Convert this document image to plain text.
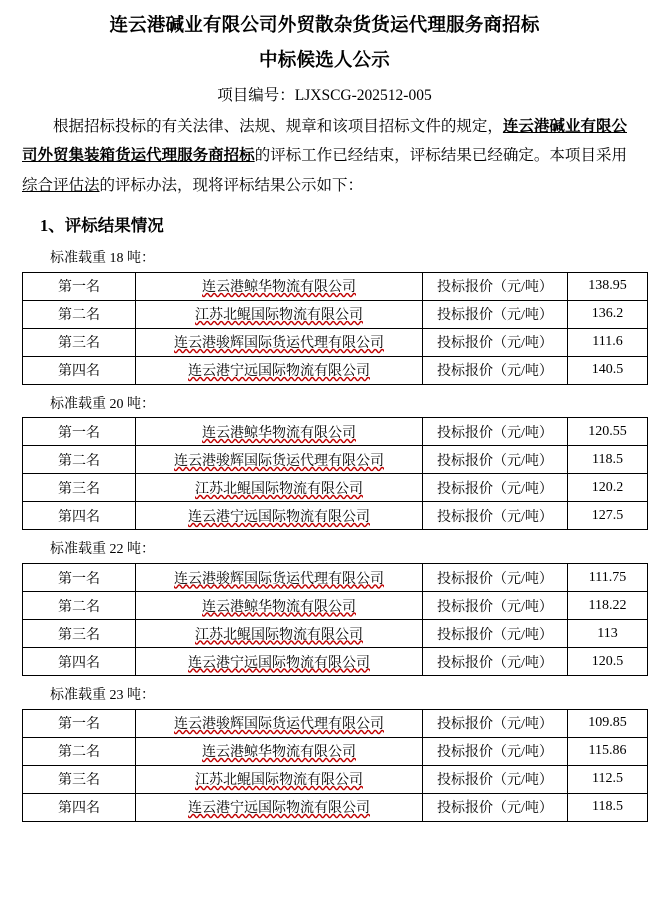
连云港碱业有限公司外贸散杂货货运代理服务商招标
中标候选人公示
项目编号：LJXSCG-202512-005

根据招标投标的有关法律、法规、规章和该项目招标文件的规定，连云港碱业有限公司外贸集装箱货运代理服务商招标的评标工作已经结束，评标结果已经确定。本项目采用综合评估法的评标办法，现将评标结果公示如下：

1、评标结果情况
标准载重 18 吨：
第一名	连云港鲸华物流有限公司	投标报价（元/吨）	138.95
第二名	江苏北鲲国际物流有限公司	投标报价（元/吨）	136.2
第三名	连云港骏辉国际货运代理有限公司	投标报价（元/吨）	111.6
第四名	连云港宁远国际物流有限公司	投标报价（元/吨）	140.5
标准载重 20 吨：
第一名	连云港鲸华物流有限公司	投标报价（元/吨）	120.55
第二名	连云港骏辉国际货运代理有限公司	投标报价（元/吨）	118.5
第三名	江苏北鲲国际物流有限公司	投标报价（元/吨）	120.2
第四名	连云港宁远国际物流有限公司	投标报价（元/吨）	127.5
标准载重 22 吨：
第一名	连云港骏辉国际货运代理有限公司	投标报价（元/吨）	111.75
第二名	连云港鲸华物流有限公司	投标报价（元/吨）	118.22
第三名	江苏北鲲国际物流有限公司	投标报价（元/吨）	113
第四名	连云港宁远国际物流有限公司	投标报价（元/吨）	120.5
标准载重 23 吨：
第一名	连云港骏辉国际货运代理有限公司	投标报价（元/吨）	109.85
第二名	连云港鲸华物流有限公司	投标报价（元/吨）	115.86
第三名	江苏北鲲国际物流有限公司	投标报价（元/吨）	112.5
第四名	连云港宁远国际物流有限公司	投标报价（元/吨）	118.5
